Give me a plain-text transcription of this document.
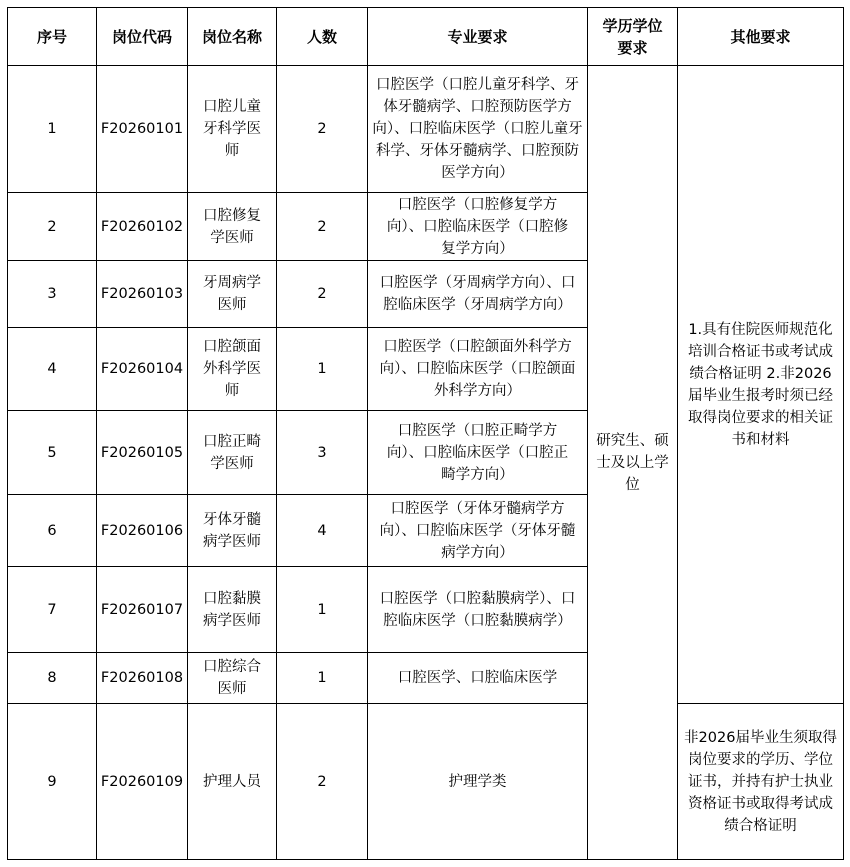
序号	岗位代码	岗位名称	人数	专业要求	学历学位要求	其他要求
1	F20260101	口腔儿童牙科学医师	2	口腔医学（口腔儿童牙科学、牙体牙髓病学、口腔预防医学方向）、口腔临床医学（口腔儿童牙科学、牙体牙髓病学、口腔预防医学方向）	研究生、硕士及以上学位	1.具有住院医师规范化培训合格证书或考试成绩合格证明 2.非2026届毕业生报考时须已经取得岗位要求的相关证书和材料
2	F20260102	口腔修复学医师	2	口腔医学（口腔修复学方向）、口腔临床医学（口腔修复学方向）		
3	F20260103	牙周病学医师	2	口腔医学（牙周病学方向）、口腔临床医学（牙周病学方向）		
4	F20260104	口腔颌面外科学医师	1	口腔医学（口腔颌面外科学方向）、口腔临床医学（口腔颌面外科学方向）		
5	F20260105	口腔正畸学医师	3	口腔医学（口腔正畸学方向）、口腔临床医学（口腔正畸学方向）		
6	F20260106	牙体牙髓病学医师	4	口腔医学（牙体牙髓病学方向）、口腔临床医学（牙体牙髓病学方向）		
7	F20260107	口腔黏膜病学医师	1	口腔医学（口腔黏膜病学）、口腔临床医学（口腔黏膜病学）		
8	F20260108	口腔综合医师	1	口腔医学、口腔临床医学		
9	F20260109	护理人员	2	护理学类		非2026届毕业生须取得岗位要求的学历、学位证书，并持有护士执业资格证书或取得考试成绩合格证明
